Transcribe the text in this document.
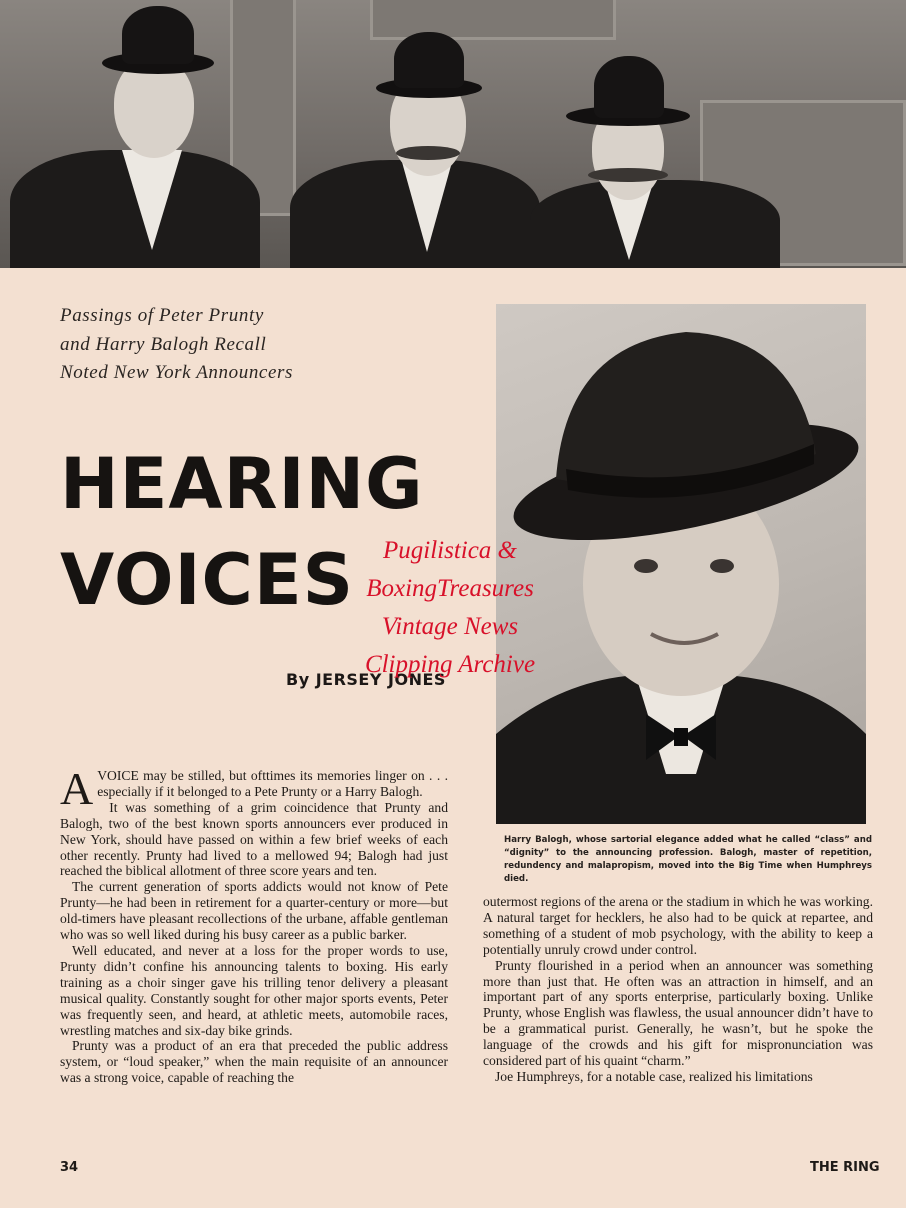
Passings of Peter Prunty
and Harry Balogh Recall
Noted New York Announcers
HEARING
VOICES
By JERSEY JONES
Pugilistica &
BoxingTreasures
Vintage News
Clipping Archive
Harry Balogh, whose sartorial elegance added what he called “class” and “dignity” to the announcing profession. Balogh, master of repetition, redundency and malapropism, moved into the Big Time when Humphreys died.

AVOICE may be stilled, but ofttimes its memories linger on . . . especially if it belonged to a Pete Prunty or a Harry Balogh.

It was something of a grim coincidence that Prunty and Balogh, two of the best known sports announcers ever produced in New York, should have passed on within a few brief weeks of each other recently. Prunty had lived to a mellowed 94; Balogh had just reached the biblical allotment of three score years and ten.

The current generation of sports addicts would not know of Pete Prunty—he had been in retirement for a quarter-century or more—but old-timers have pleasant recollections of the urbane, affable gentleman who was so well liked during his busy career as a public barker.

Well educated, and never at a loss for the proper words to use, Prunty didn’t confine his announcing talents to boxing. His early training as a choir singer gave his trilling tenor delivery a pleasant musical quality. Constantly sought for other major sports events, Peter was frequently seen, and heard, at athletic meets, automobile races, wrestling matches and six-day bike grinds.

Prunty was a product of an era that preceded the public address system, or “loud speaker,” when the main requisite of an announcer was a strong voice, capable of reaching the

outermost regions of the arena or the stadium in which he was working. A natural target for hecklers, he also had to be quick at repartee, and something of a student of mob psychology, with the ability to keep a potentially unruly crowd under control.

Prunty flourished in a period when an announcer was something more than just that. He often was an attraction in himself, and an important part of any sports enterprise, particularly boxing. Unlike Prunty, whose English was flawless, the usual announcer didn’t have to be a grammatical purist. Generally, he wasn’t, but he spoke the language of the crowds and his gift for mispronunciation was considered part of his quaint “charm.”

Joe Humphreys, for a notable case, realized his limitations

34	THE RING
